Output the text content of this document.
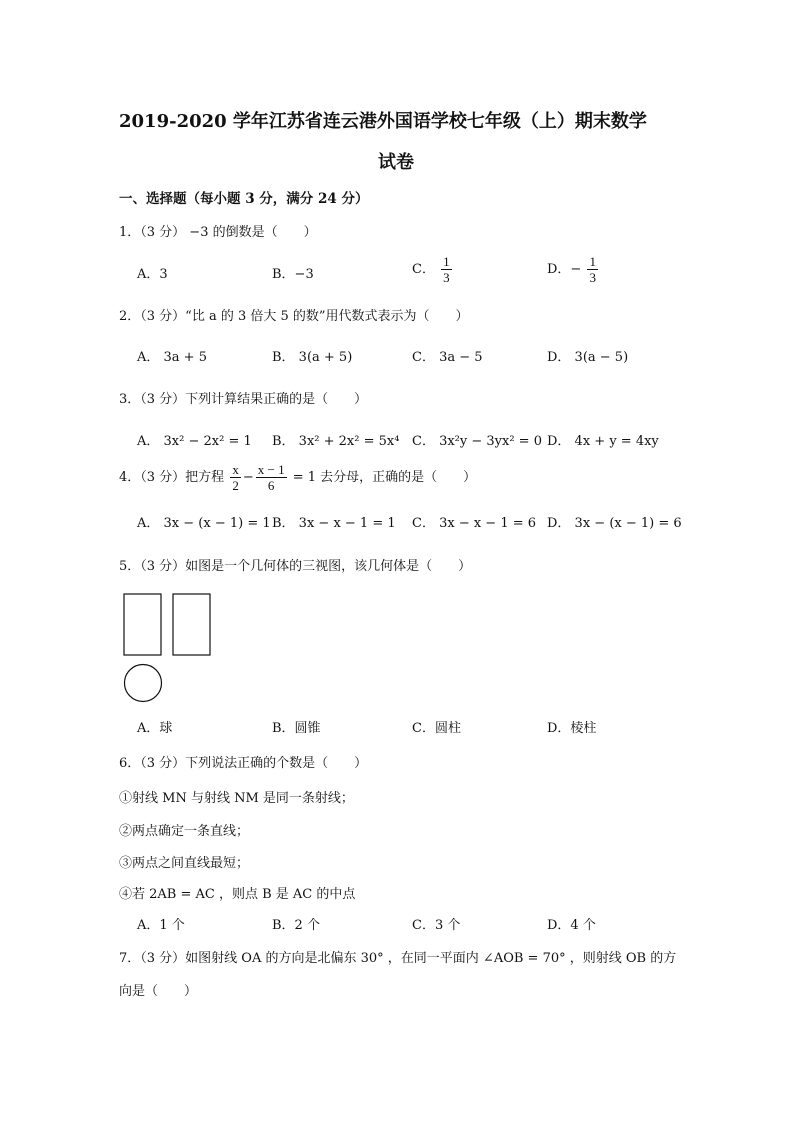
2019-2020 学年江苏省连云港外国语学校七年级（上）期末数学
试卷
一、选择题（每小题 3 分，满分 24 分）
1．（3 分） −3 的倒数是（　　）
A．3	B．−3	C． $\frac{1}{3}$	D．− $\frac{1}{3}$
2．（3 分）“比 a 的 3 倍大 5 的数”用代数式表示为（　　）
A． 3a + 5	B． 3(a + 5)	C． 3a − 5	D． 3(a − 5)
3．（3 分）下列计算结果正确的是（　　）
A． 3x² − 2x² = 1 B． 3x² + 2x² = 5x⁴ C． 3x²y − 3yx² = 0 D． 4x + y = 4xy
4．（3 分）把方程 $\frac{x}{2} - \frac{x - 1}{6} = 1$ 去分母，正确的是（　　）
A． 3x − (x − 1) = 1 B． 3x − x − 1 = 1 C． 3x − x − 1 = 6 D． 3x − (x − 1) = 6
5．（3 分）如图是一个几何体的三视图，该几何体是（　　）
A．球	B．圆锥	C．圆柱	D．棱柱
6．（3 分）下列说法正确的个数是（　　）
①射线 MN 与射线 NM 是同一条射线；
②两点确定一条直线；
③两点之间直线最短；
④若 2AB = AC ，则点 B 是 AC 的中点
A．1 个	B．2 个	C．3 个	D．4 个
7．（3 分）如图射线 OA 的方向是北偏东 30° ，在同一平面内 ∠AOB = 70° ，则射线 OB 的方
向是（　　）
